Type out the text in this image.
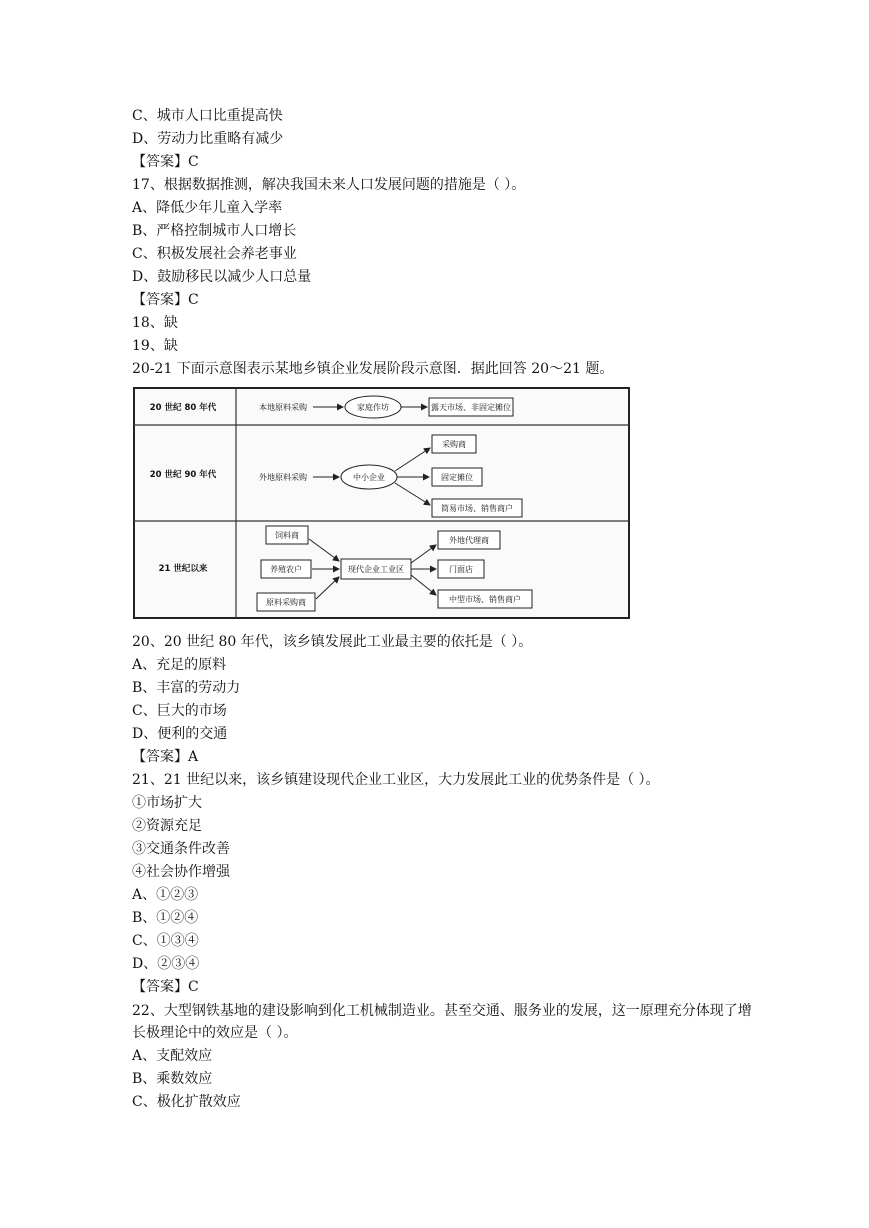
C、城市人口比重提高快
D、劳动力比重略有减少
【答案】C
17、根据数据推测，解决我国未来人口发展问题的措施是（ ）。
A、降低少年儿童入学率
B、严格控制城市人口增长
C、积极发展社会养老事业
D、鼓励移民以减少人口总量
【答案】C
18、缺
19、缺
20-21 下面示意图表示某地乡镇企业发展阶段示意图．据此回答 20～21 题。
20 世纪 80 年代	本地原料采购	家庭作坊	露天市场、非固定摊位
20 世纪 90 年代	外地原料采购	中小企业
采购商
固定摊位
简易市场、销售商户
21 世纪以来
饲料商
养殖农户
原料采购商
现代企业工业区
外地代理商
门面店
中型市场、销售商户
20、20 世纪 80 年代，该乡镇发展此工业最主要的依托是（ ）。
A、充足的原料
B、丰富的劳动力
C、巨大的市场
D、便利的交通
【答案】A
21、21 世纪以来，该乡镇建设现代企业工业区，大力发展此工业的优势条件是（ ）。
①市场扩大
②资源充足
③交通条件改善
④社会协作增强
A、①②③
B、①②④
C、①③④
D、②③④
【答案】C
22、大型钢铁基地的建设影响到化工机械制造业。甚至交通、服务业的发展，这一原理充分体现了增长极理论中的效应是（ ）。
A、支配效应
B、乘数效应
C、极化扩散效应
